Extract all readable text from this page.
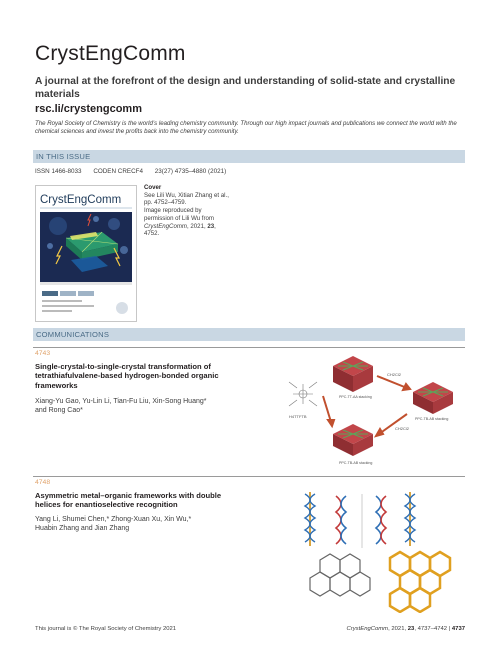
CrystEngComm
A journal at the forefront of the design and understanding of solid-state and crystalline materials
rsc.li/crystengcomm
The Royal Society of Chemistry is the world’s leading chemistry community. Through our high impact journals and publications we connect the world with the chemical sciences and invest the profits back into the chemistry community.
IN THIS ISSUE
ISSN 1466-8033 CODEN CRECF4 23(27) 4735–4880 (2021)
CrystEngComm
Cover
See Lili Wu, Xitian Zhang et al.,
pp. 4752–4759.
Image reproduced by
permission of Lili Wu from
CrystEngComm, 2021, 23,
4752.
COMMUNICATIONS
4743
Single-crystal-to-single-crystal transformation of
tetrathiafulvalene-based hydrogen-bonded organic
frameworks
Xiang-Yu Gao, Yu-Lin Li, Tian-Fu Liu, Xin-Song Huang*
and Rong Cao*
H4TTFTB
PPC-TT-AA stacking
PPC-TB-AB stacking
PPC-TB-AB stacking
CH2Cl2
CH2Cl2
4748
Asymmetric metal–organic frameworks with double
helices for enantioselective recognition
Yang Li, Shumei Chen,* Zhong-Xuan Xu, Xin Wu,*
Huabin Zhang and Jian Zhang
This journal is © The Royal Society of Chemistry 2021	CrystEngComm, 2021, 23, 4737–4742 | 4737
